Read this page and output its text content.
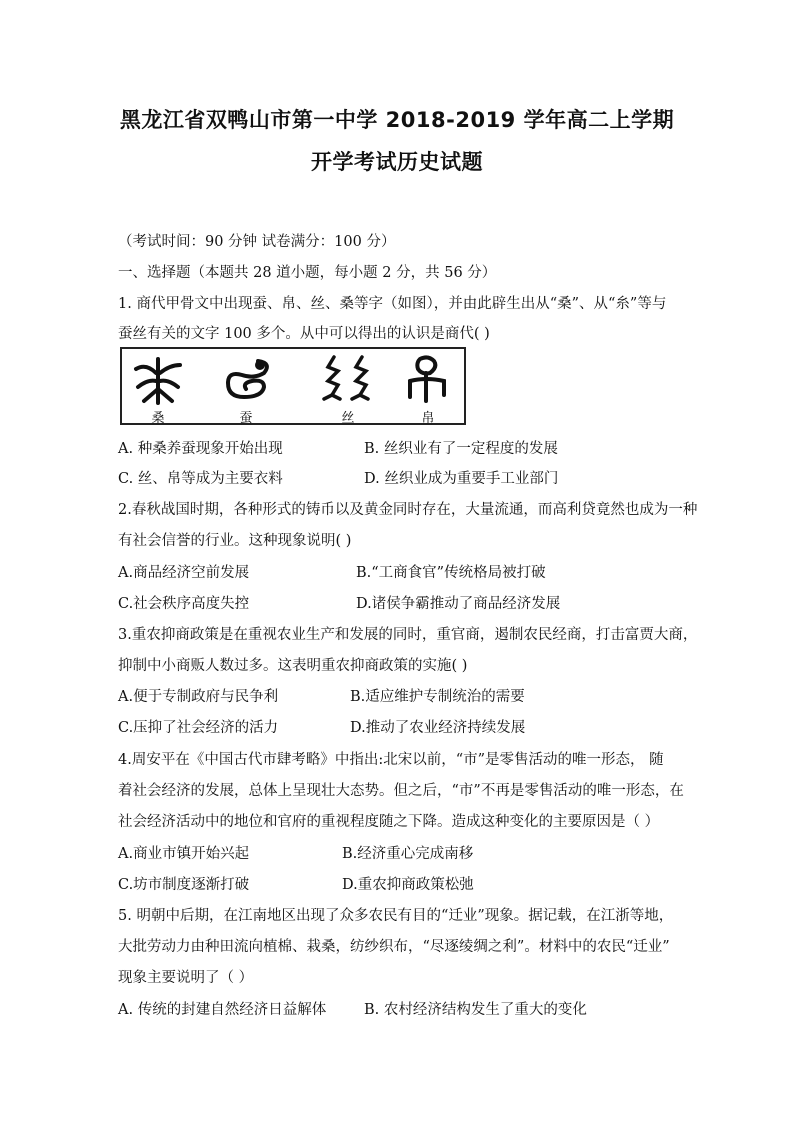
黑龙江省双鸭山市第一中学 2018-2019 学年高二上学期
开学考试历史试题
（考试时间：90 分钟 试卷满分：100 分）
一、选择题（本题共 28 道小题，每小题 2 分，共 56 分）
1. 商代甲骨文中出现蚕、帛、丝、桑等字（如图），并由此辟生出从“桑”、从“糸”等与
蚕丝有关的文字 100 多个。从中可以得出的认识是商代( )
桑	蚕	丝	帛
A. 种桑养蚕现象开始出现	B. 丝织业有了一定程度的发展
C. 丝、帛等成为主要衣料	D. 丝织业成为重要手工业部门
2.春秋战国时期，各种形式的铸币以及黄金同时存在，大量流通，而高利贷竟然也成为一种
有社会信誉的行业。这种现象说明( )
A.商品经济空前发展	B.“工商食官”传统格局被打破
C.社会秩序高度失控	D.诸侯争霸推动了商品经济发展
3.重农抑商政策是在重视农业生产和发展的同时，重官商，遏制农民经商，打击富贾大商，
抑制中小商贩人数过多。这表明重农抑商政策的实施( )
A.便于专制政府与民争利	B.适应维护专制统治的需要
C.压抑了社会经济的活力	D.推动了农业经济持续发展
4.周安平在《中国古代市肆考略》中指出:北宋以前，“市”是零售活动的唯一形态， 随
着社会经济的发展，总体上呈现壮大态势。但之后，“市”不再是零售活动的唯一形态，在
社会经济活动中的地位和官府的重视程度随之下降。造成这种变化的主要原因是（ ）
A.商业市镇开始兴起	B.经济重心完成南移
C.坊市制度逐渐打破	D.重农抑商政策松弛
5. 明朝中后期，在江南地区出现了众多农民有目的“迁业”现象。据记载，在江浙等地，
大批劳动力由种田流向植棉、栽桑，纺纱织布，“尽逐绫绸之利”。材料中的农民“迁业”
现象主要说明了（ ）
A. 传统的封建自然经济日益解体	B. 农村经济结构发生了重大的变化
